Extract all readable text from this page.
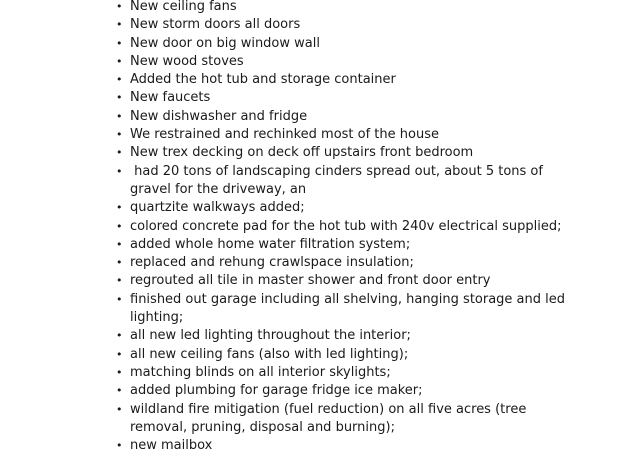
• New ceiling fans
• New storm doors all doors
• New door on big window wall
• New wood stoves
• Added the hot tub and storage container
• New faucets
• New dishwasher and fridge
• We restrained and rechinked most of the house
• New trex decking on deck off upstairs front bedroom
• had 20 tons of landscaping cinders spread out, about 5 tons of gravel for the driveway, an
• quartzite walkways added;
• colored concrete pad for the hot tub with 240v electrical supplied;
• added whole home water filtration system;
• replaced and rehung crawlspace insulation;
• regrouted all tile in master shower and front door entry
• finished out garage including all shelving, hanging storage and led lighting;
• all new led lighting throughout the interior;
• all new ceiling fans (also with led lighting);
• matching blinds on all interior skylights;
• added plumbing for garage fridge ice maker;
• wildland fire mitigation (fuel reduction) on all five acres (tree removal, pruning, disposal and burning);
• new mailbox
